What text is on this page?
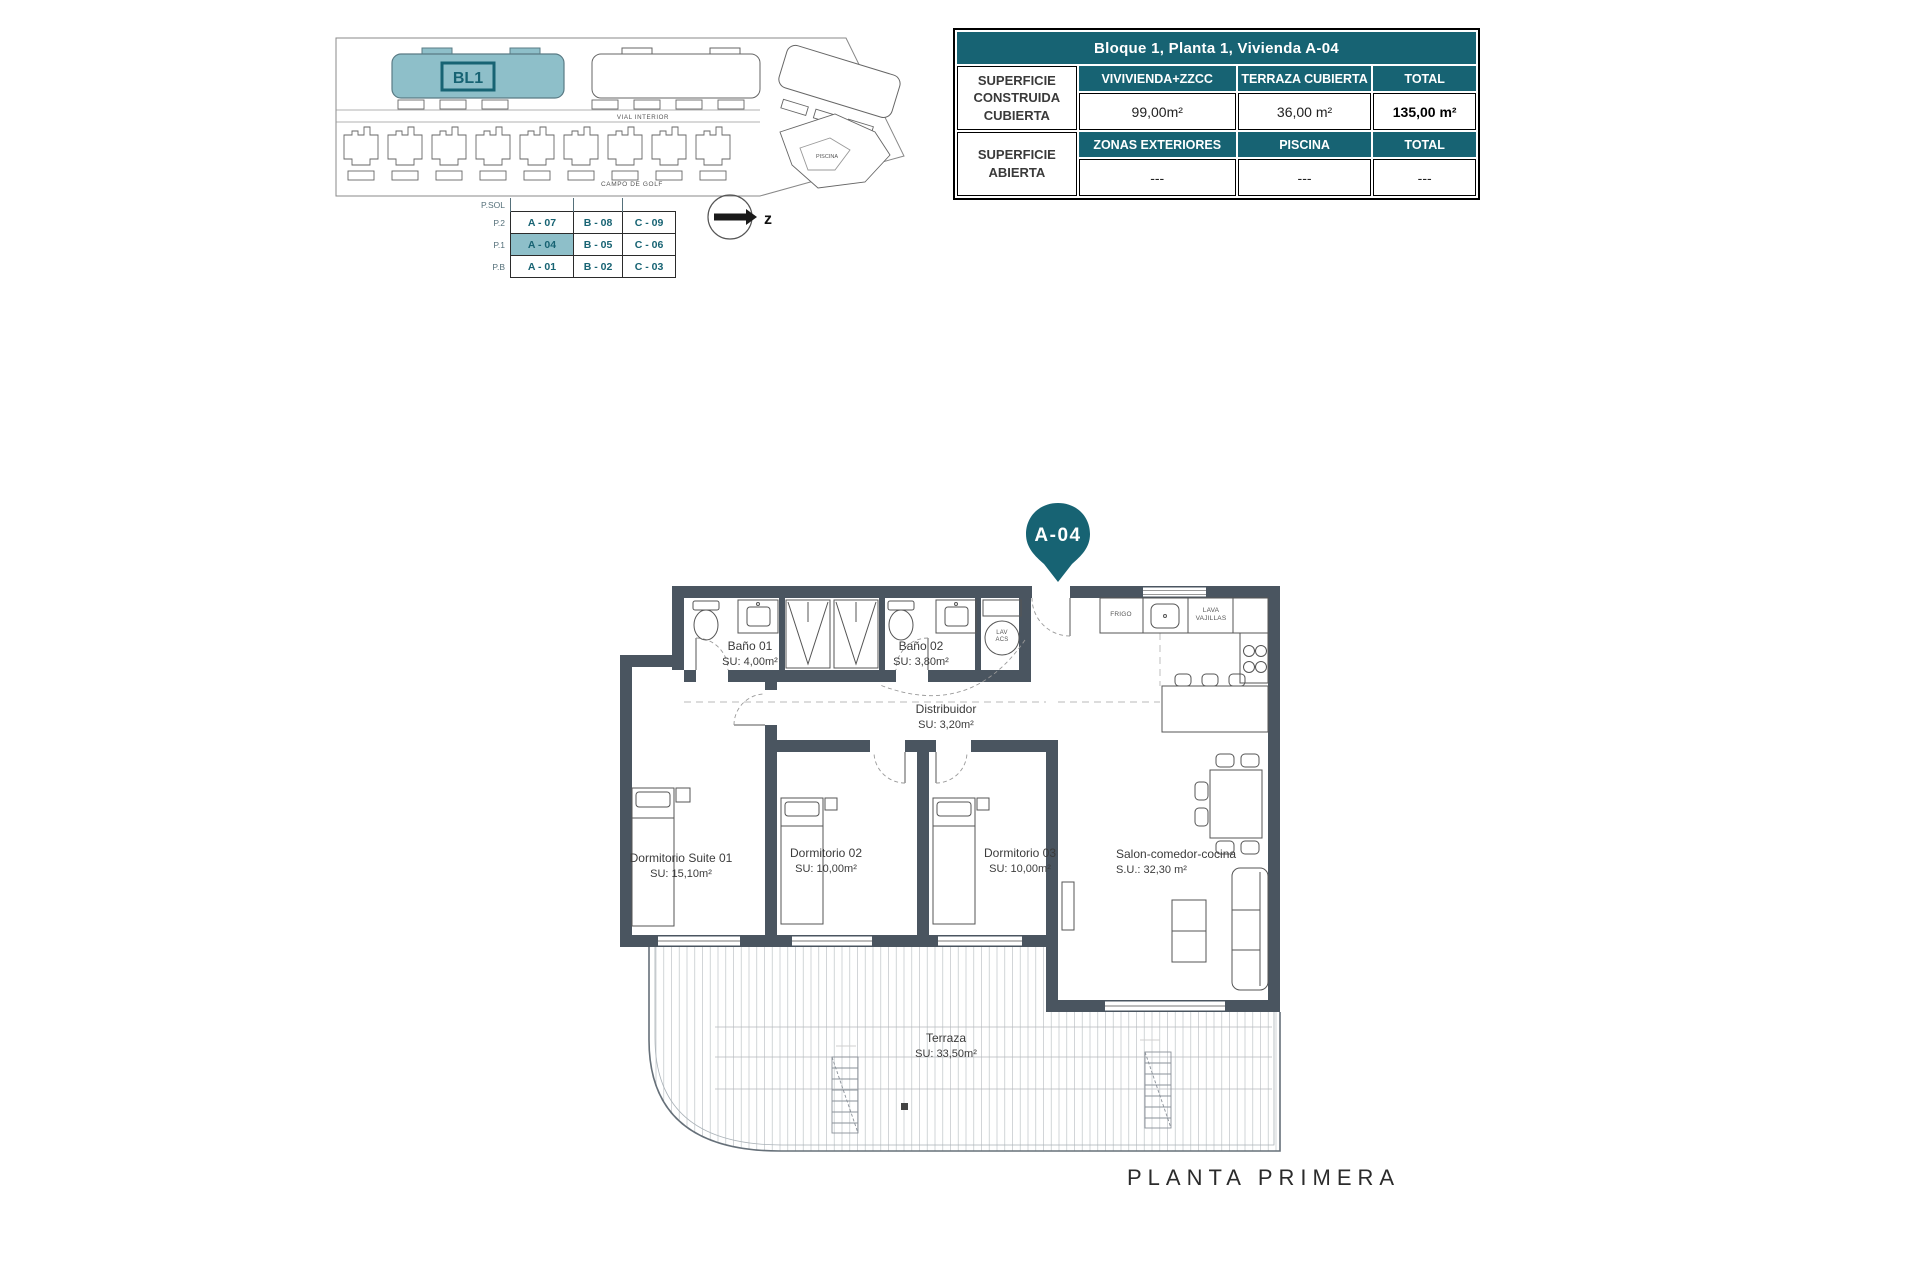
BL1
VIAL INTERIOR
CAMPO DE GOLF
PISCINA
P.SOL			
P.2	A - 07	B - 08	C - 09
P.1	A - 04	B - 05	C - 06
P.B	A - 01	B - 02	C - 03
z
Bloque 1, Planta 1, Vivienda A-04			
SUPERFICIE CONSTRUIDA CUBIERTA	VIVIVIENDA+ZZCC	TERRAZA CUBIERTA	TOTAL
	99,00m²	36,00 m²	135,00 m²
SUPERFICIE ABIERTA	ZONAS EXTERIORES	PISCINA	TOTAL
	---	---	---
A-04
Baño 01
SU: 4,00m²
Baño 02
SU: 3,80m²
Distribuidor
SU: 3,20m²
Dormitorio Suite 01
SU: 15,10m²
Dormitorio 02
SU: 10,00m²
Dormitorio 03
SU: 10,00m²
Salon-comedor-cocina
S.U.: 32,30 m²
Terraza
SU: 33,50m²
FRIGO
LAVA
VAJILLAS
LAV
ACS
PLANTA PRIMERA
